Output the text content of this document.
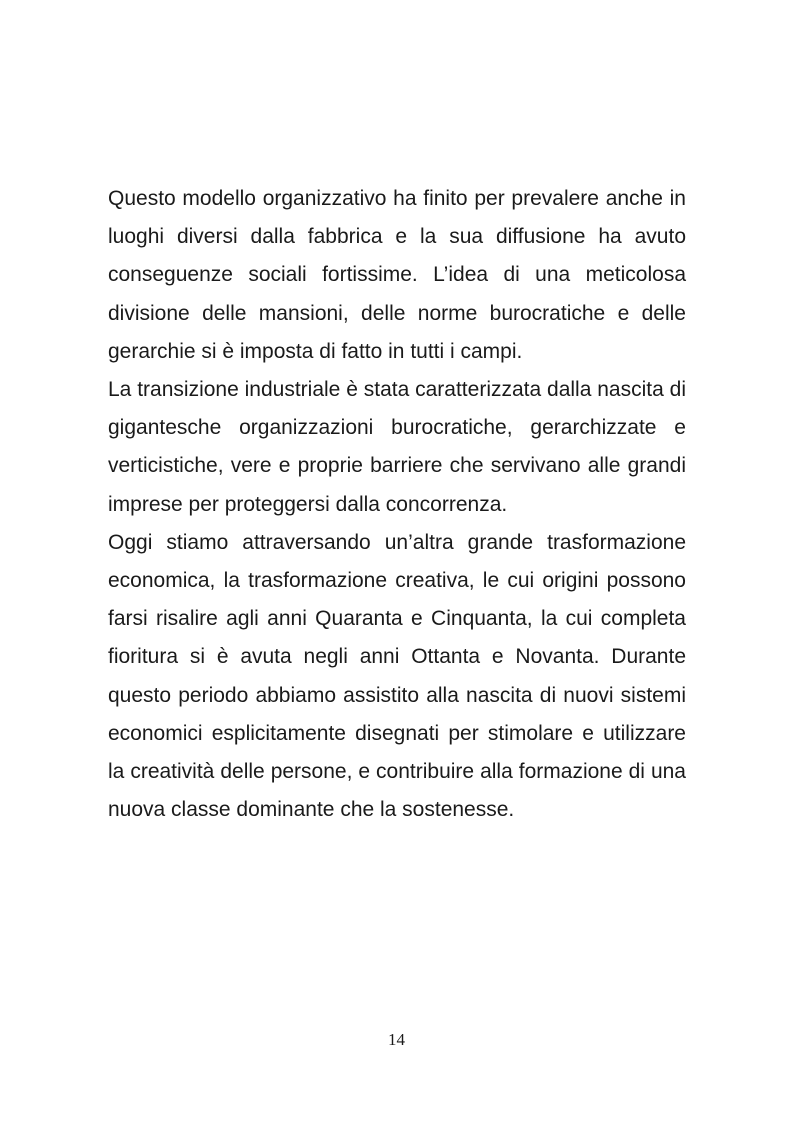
Questo modello organizzativo ha finito per prevalere anche in luoghi diversi dalla fabbrica e la sua diffusione ha avuto conseguenze sociali fortissime. L’idea di una meticolosa divisione delle mansioni, delle norme burocratiche e delle gerarchie si è imposta di fatto in tutti i campi.

La transizione industriale è stata caratterizzata dalla nascita di gigantesche organizzazioni burocratiche, gerarchizzate e verticistiche, vere e proprie barriere che servivano alle grandi imprese per proteggersi dalla concorrenza.

Oggi stiamo attraversando un’altra grande trasformazione economica, la trasformazione creativa, le cui origini possono farsi risalire agli anni Quaranta e Cinquanta, la cui completa fioritura si è avuta negli anni Ottanta e Novanta. Durante questo periodo abbiamo assistito alla nascita di nuovi sistemi economici esplicitamente disegnati per stimolare e utilizzare la creatività delle persone, e contribuire alla formazione di una nuova classe dominante che la sostenesse.

14
